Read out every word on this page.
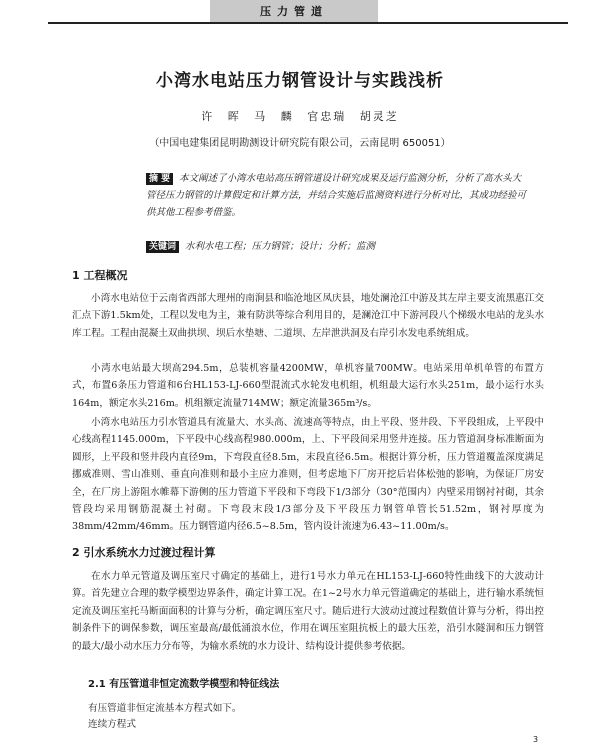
压力管道
小湾水电站压力钢管设计与实践浅析
许 晖 马 麟 官忠瑞 胡灵芝
（中国电建集团昆明勘测设计研究院有限公司，云南昆明 650051）
摘 要 本文阐述了小湾水电站高压钢管道设计研究成果及运行监测分析，分析了高水头大管径压力钢管的计算假定和计算方法，并结合实施后监测资料进行分析对比，其成功经验可供其他工程参考借鉴。
关键词 水利水电工程；压力钢管；设计；分析；监测
1 工程概况
小湾水电站位于云南省西部大理州的南涧县和临沧地区凤庆县，地处澜沧江中游及其左岸主要支流黑惠江交汇点下游1.5km处，工程以发电为主，兼有防洪等综合利用目的，是澜沧江中下游河段八个梯级水电站的龙头水库工程。工程由混凝土双曲拱坝、坝后水垫塘、二道坝、左岸泄洪洞及右岸引水发电系统组成。
小湾水电站最大坝高294.5m，总装机容量4200MW，单机容量700MW。电站采用单机单管的布置方式，布置6条压力管道和6台HL153-LJ-660型混流式水轮发电机组，机组最大运行水头251m，最小运行水头164m，额定水头216m。机组额定流量714MW；额定流量365m³/s。
小湾水电站压力引水管道具有流量大、水头高、流速高等特点，由上平段、竖井段、下平段组成，上平段中心线高程1145.000m，下平段中心线高程980.000m，上、下平段间采用竖井连接。压力管道洞身标准断面为圆形，上平段和竖井段内直径9m，下弯段直径8.5m，末段直径6.5m。根据计算分析，压力管道覆盖深度满足挪威准则、雪山准则、垂直向准则和最小主应力准则，但考虑地下厂房开挖后岩体松弛的影响，为保证厂房安全，在厂房上游阻水帷幕下游侧的压力管道下平段和下弯段下1/3部分（30°范围内）内壁采用钢衬衬砌，其余管段均采用钢筋混凝土衬砌。下弯段末段1/3部分及下平段压力钢管单管长51.52m，钢衬厚度为38mm/42mm/46mm。压力钢管道内径6.5~8.5m，管内设计流速为6.43~11.00m/s。
2 引水系统水力过渡过程计算
在水力单元管道及调压室尺寸确定的基础上，进行1号水力单元在HL153-LJ-660特性曲线下的大波动计算。首先建立合理的数学模型边界条件，确定计算工况。在1~2号水力单元管道确定的基础上，进行输水系统恒定流及调压室托马断面面积的计算与分析，确定调压室尺寸。随后进行大波动过渡过程数值计算与分析，得出控制条件下的调保参数，调压室最高/最低涌浪水位，作用在调压室阻抗板上的最大压差，沿引水隧洞和压力钢管的最大/最小动水压力分布等，为输水系统的水力设计、结构设计提供参考依据。
2.1 有压管道非恒定流数学模型和特征线法
有压管道非恒定流基本方程式如下。
连续方程式
3
